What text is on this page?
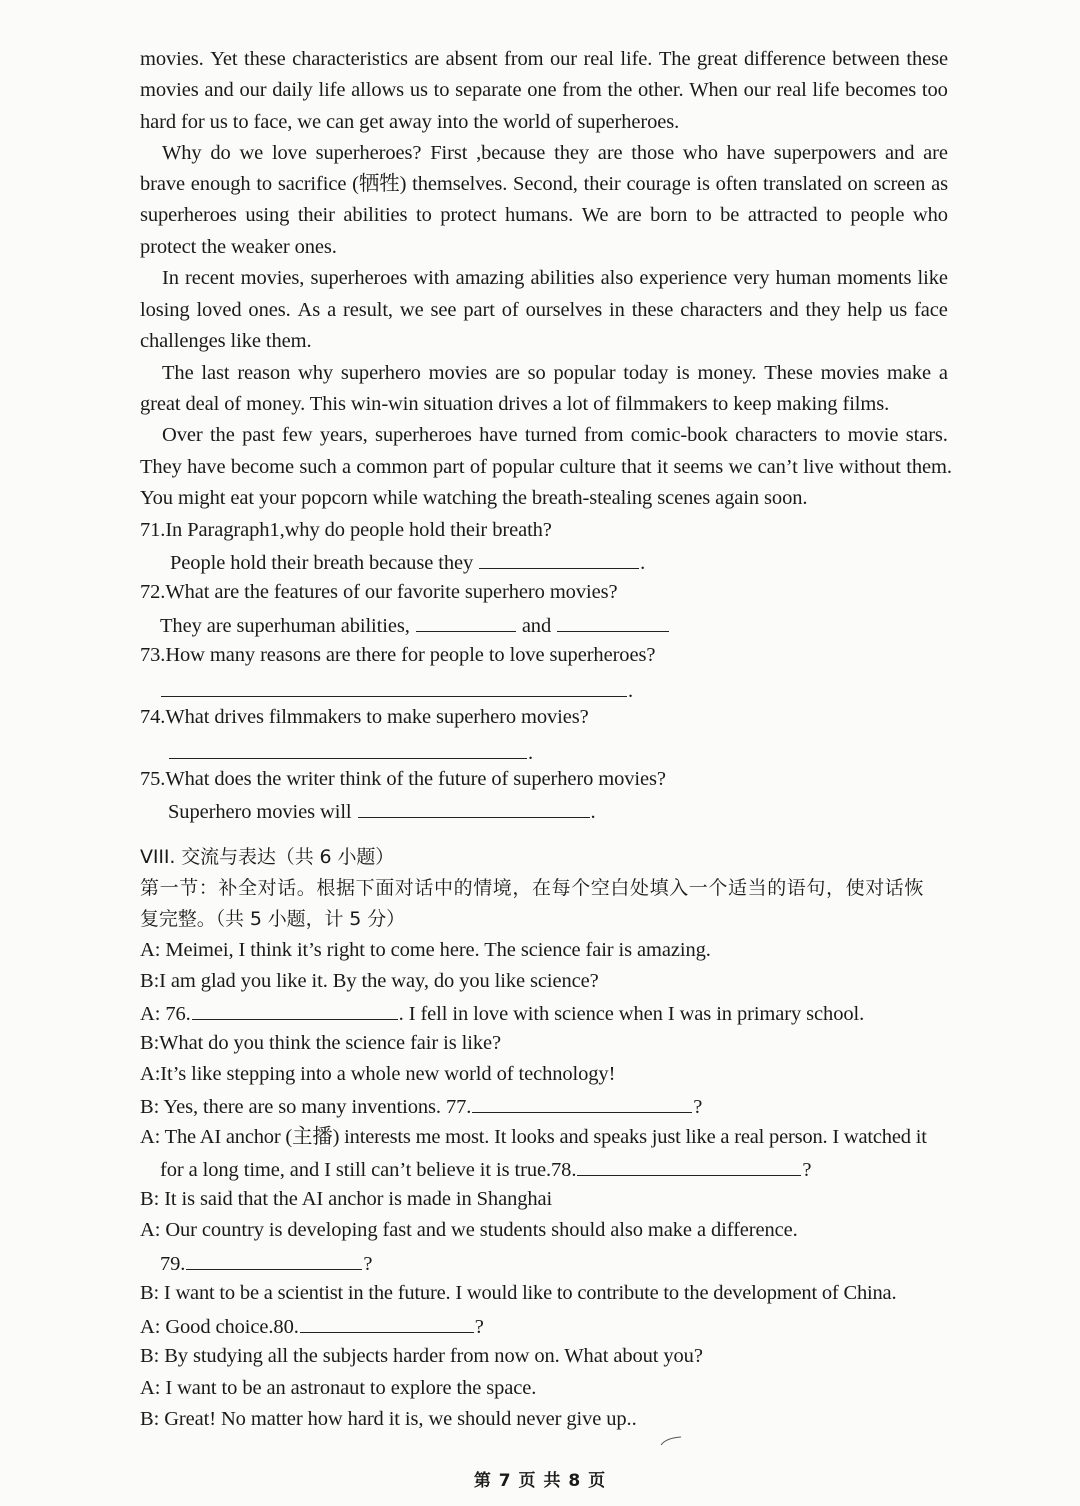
movies. Yet these characteristics are absent from our real life. The great difference between these
movies and our daily life allows us to separate one from the other. When our real life becomes too
hard for us to face, we can get away into the world of superheroes.
Why do we love superheroes? First ,because they are those who have superpowers and are
brave enough to sacrifice (牺牲) themselves. Second, their courage is often translated on screen as
superheroes using their abilities to protect humans. We are born to be attracted to people who
protect the weaker ones.
In recent movies, superheroes with amazing abilities also experience very human moments like
losing loved ones. As a result, we see part of ourselves in these characters and they help us face
challenges like them.
The last reason why superhero movies are so popular today is money. These movies make a
great deal of money. This win-win situation drives a lot of filmmakers to keep making films.
Over the past few years, superheroes have turned from comic-book characters to movie stars.
They have become such a common part of popular culture that it seems we can’t live without them.
You might eat your popcorn while watching the breath-stealing scenes again soon.
71.In Paragraph1,why do people hold their breath?
People hold their breath because they	.
72.What are the features of our favorite superhero movies?
They are superhuman abilities,	and
73.How many reasons are there for people to love superheroes?
.
74.What drives filmmakers to make superhero movies?
.
75.What does the writer think of the future of superhero movies?
Superhero movies will	.
VIII. 交流与表达（共 6 小题）
第一节：补全对话。根据下面对话中的情境，在每个空白处填入一个适当的语句，使对话恢
复完整。（共 5 小题，计 5 分）
A: Meimei, I think it’s right to come here. The science fair is amazing.
B:I am glad you like it. By the way, do you like science?
A: 76.	. I fell in love with science when I was in primary school.
B:What do you think the science fair is like?
A:It’s like stepping into a whole new world of technology!
B: Yes, there are so many inventions. 77.	?
A: The AI anchor (主播) interests me most. It looks and speaks just like a real person. I watched it
for a long time, and I still can’t believe it is true.78.	?
B: It is said that the AI anchor is made in Shanghai
A: Our country is developing fast and we students should also make a difference.
79.	?
B: I want to be a scientist in the future. I would like to contribute to the development of China.
A: Good choice.80.	?
B: By studying all the subjects harder from now on. What about you?
A: I want to be an astronaut to explore the space.
B: Great! No matter how hard it is, we should never give up..
第 7 页 共 8 页
